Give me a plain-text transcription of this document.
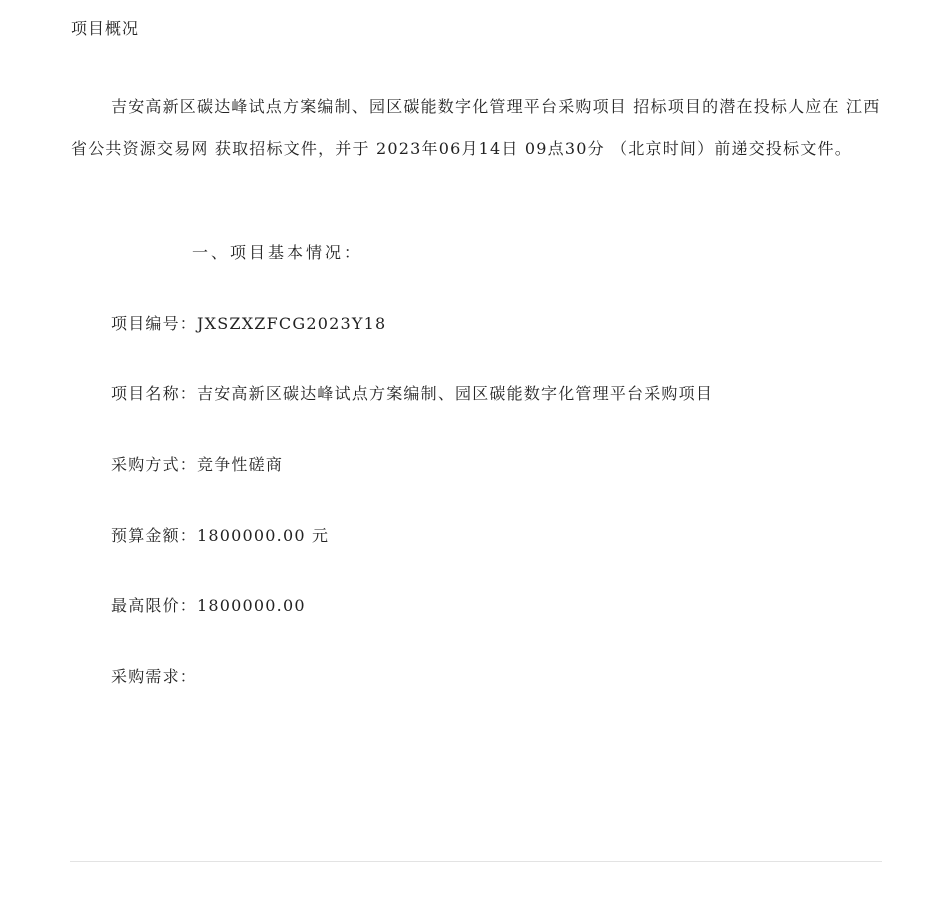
项目概况

吉安高新区碳达峰试点方案编制、园区碳能数字化管理平台采购项目 招标项目的潜在投标人应在 江西省公共资源交易网 获取招标文件，并于 2023年06月14日 09点30分 （北京时间）前递交投标文件。

一、项目基本情况：

项目编号：JXSZXZFCG2023Y18

项目名称：吉安高新区碳达峰试点方案编制、园区碳能数字化管理平台采购项目

采购方式：竞争性磋商

预算金额：1800000.00 元

最高限价：1800000.00

采购需求：
